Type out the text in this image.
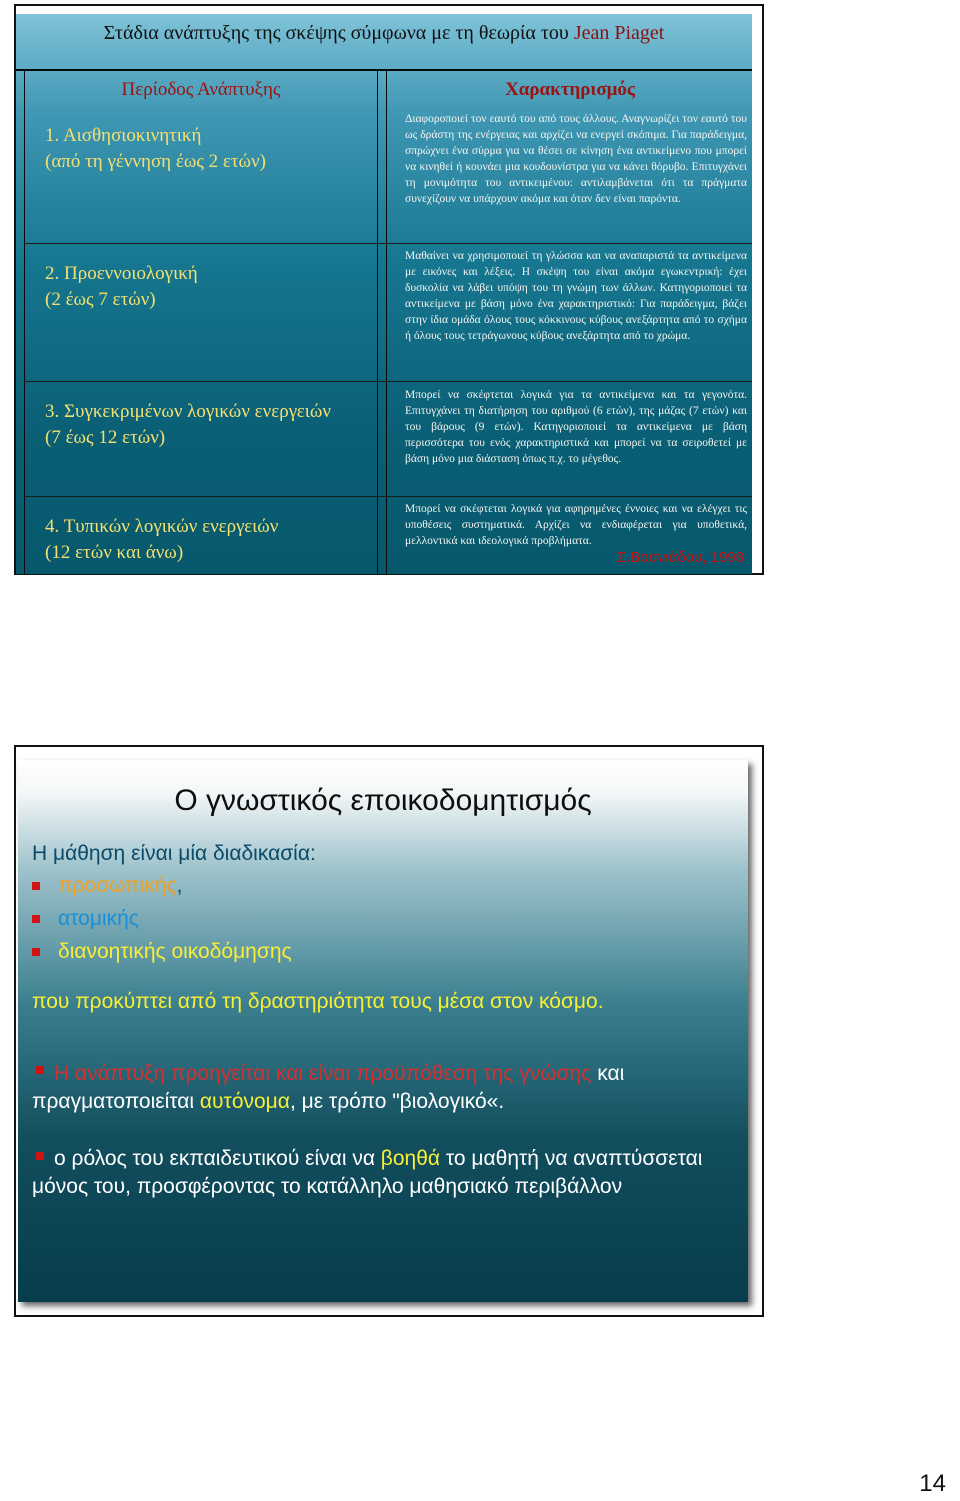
Στάδια ανάπτυξης της σκέψης σύμφωνα με τη θεωρία του Jean Piaget
Περίοδος Ανάπτυξης
1. Αισθησιοκινητική
(από τη γέννηση έως 2 ετών)
2. Προεννοιολογική
(2 έως 7 ετών)
3. Συγκεκριμένων λογικών ενεργειών
(7 έως 12 ετών)
4. Τυπικών λογικών ενεργειών
(12 ετών και άνω)
Χαρακτηρισμός
Διαφοροποιεί τον εαυτό του από τους άλλους. Αναγνωρίζει τον εαυτό του ως δράστη της ενέργειας και αρχίζει να ενεργεί σκόπιμα. Για παράδειγμα, σπρώχνει ένα σύρμα για να θέσει σε κίνηση ένα αντικείμενο που μπορεί να κινηθεί ή κουνάει μια κουδουνίστρα για να κάνει θόρυβο. Επιτυγχάνει τη μονιμότητα του αντικειμένου: αντιλαμβάνεται ότι τα πράγματα συνεχίζουν να υπάρχουν ακόμα και όταν δεν είναι παρόντα.
Μαθαίνει να χρησιμοποιεί τη γλώσσα και να αναπαριστά τα αντικείμενα με εικόνες και λέξεις. Η σκέψη του είναι ακόμα εγωκεντρική: έχει δυσκολία να λάβει υπόψη του τη γνώμη των άλλων. Κατηγοριοποιεί τα αντικείμενα με βάση μόνο ένα χαρακτηριστικό: Για παράδειγμα, βάζει στην ίδια ομάδα όλους τους κόκκινους κύβους ανεξάρτητα από το σχήμα ή όλους τους τετράγωνους κύβους ανεξάρτητα από το χρώμα.
Μπορεί να σκέφτεται λογικά για τα αντικείμενα και τα γεγονότα. Επιτυγχάνει τη διατήρηση του αριθμού (6 ετών), της μάζας (7 ετών) και του βάρους (9 ετών). Κατηγοριοποιεί τα αντικείμενα με βάση περισσότερα του ενός χαρακτηριστικά και μπορεί να τα σειροθετεί με βάση μόνο μια διάσταση όπως π.χ. το μέγεθος.
Μπορεί να σκέφτεται λογικά για αφηρημένες έννοιες και να ελέγχει τις υποθέσεις συστηματικά. Αρχίζει να ενδιαφέρεται για υποθετικά, μελλοντικά και ιδεολογικά προβλήματα.
Σ.Βοσνιάδου, 1998
Ο γνωστικός εποικοδομητισμός
Η μάθηση είναι μία διαδικασία:
προσωπικής,
ατομικής
διανοητικής οικοδόμησης
που προκύπτει από τη δραστηριότητα τους μέσα στον κόσμο.
Η ανάπτυξη προηγείται και είναι προϋπόθεση της γνώσης και πραγματοποιείται αυτόνομα, με τρόπο "βιολογικό«.
ο ρόλος του εκπαιδευτικού είναι να βοηθά το μαθητή να αναπτύσσεται μόνος του, προσφέροντας το κατάλληλο μαθησιακό περιβάλλον
14
